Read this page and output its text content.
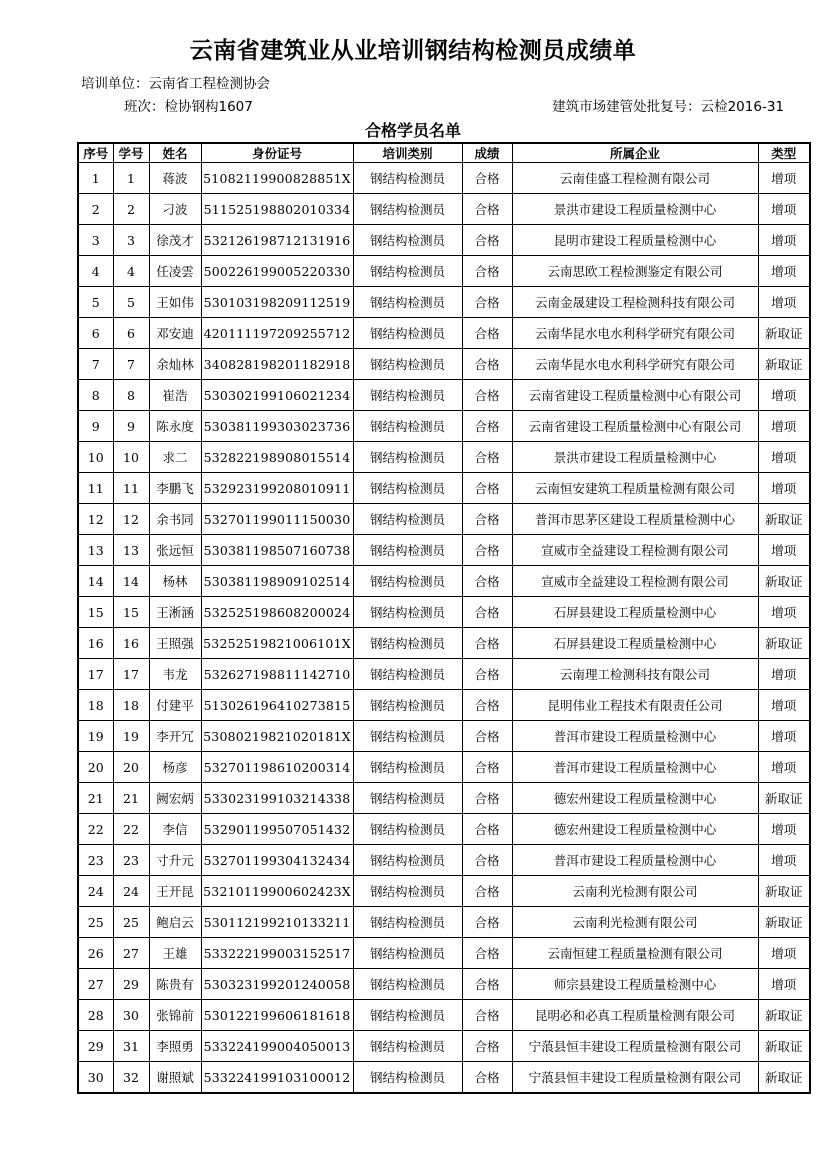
云南省建筑业从业培训钢结构检测员成绩单
培训单位：云南省工程检测协会
班次：检协钢构1607	建筑市场建管处批复号：云检2016-31
合格学员名单
序号	学号	姓名	身份证号	培训类别	成绩	所属企业	类型
1	1	蒋波	51082119900828851X	钢结构检测员	合格	云南佳盛工程检测有限公司	增项
2	2	刁波	511525198802010334	钢结构检测员	合格	景洪市建设工程质量检测中心	增项
3	3	徐茂才	532126198712131916	钢结构检测员	合格	昆明市建设工程质量检测中心	增项
4	4	任凌雲	500226199005220330	钢结构检测员	合格	云南思欧工程检测鉴定有限公司	增项
5	5	王如伟	530103198209112519	钢结构检测员	合格	云南金晟建设工程检测科技有限公司	增项
6	6	邓安迪	420111197209255712	钢结构检测员	合格	云南华昆水电水利科学研究有限公司	新取证
7	7	余灿林	340828198201182918	钢结构检测员	合格	云南华昆水电水利科学研究有限公司	新取证
8	8	崔浩	530302199106021234	钢结构检测员	合格	云南省建设工程质量检测中心有限公司	增项
9	9	陈永度	530381199303023736	钢结构检测员	合格	云南省建设工程质量检测中心有限公司	增项
10	10	求二	532822198908015514	钢结构检测员	合格	景洪市建设工程质量检测中心	增项
11	11	李鹏飞	532923199208010911	钢结构检测员	合格	云南恒安建筑工程质量检测有限公司	增项
12	12	余书同	532701199011150030	钢结构检测员	合格	普洱市思茅区建设工程质量检测中心	新取证
13	13	张远恒	530381198507160738	钢结构检测员	合格	宣威市全益建设工程检测有限公司	增项
14	14	杨林	530381198909102514	钢结构检测员	合格	宣威市全益建设工程检测有限公司	新取证
15	15	王淅涵	532525198608200024	钢结构检测员	合格	石屏县建设工程质量检测中心	增项
16	16	王照强	53252519821006101X	钢结构检测员	合格	石屏县建设工程质量检测中心	新取证
17	17	韦龙	532627198811142710	钢结构检测员	合格	云南理工检测科技有限公司	增项
18	18	付建平	513026196410273815	钢结构检测员	合格	昆明伟业工程技术有限责任公司	增项
19	19	李开冗	53080219821020181X	钢结构检测员	合格	普洱市建设工程质量检测中心	增项
20	20	杨彦	532701198610200314	钢结构检测员	合格	普洱市建设工程质量检测中心	增项
21	21	阙宏炳	533023199103214338	钢结构检测员	合格	德宏州建设工程质量检测中心	新取证
22	22	李信	532901199507051432	钢结构检测员	合格	德宏州建设工程质量检测中心	增项
23	23	寸升元	532701199304132434	钢结构检测员	合格	普洱市建设工程质量检测中心	增项
24	24	王开昆	53210119900602423X	钢结构检测员	合格	云南利光检测有限公司	新取证
25	25	鲍启云	530112199210133211	钢结构检测员	合格	云南利光检测有限公司	新取证
26	27	王雄	533222199003152517	钢结构检测员	合格	云南恒建工程质量检测有限公司	增项
27	29	陈贵有	530323199201240058	钢结构检测员	合格	师宗县建设工程质量检测中心	增项
28	30	张锦前	530122199606181618	钢结构检测员	合格	昆明必和必真工程质量检测有限公司	新取证
29	31	李照勇	533224199004050013	钢结构检测员	合格	宁蒗县恒丰建设工程质量检测有限公司	新取证
30	32	谢照斌	533224199103100012	钢结构检测员	合格	宁蒗县恒丰建设工程质量检测有限公司	新取证
